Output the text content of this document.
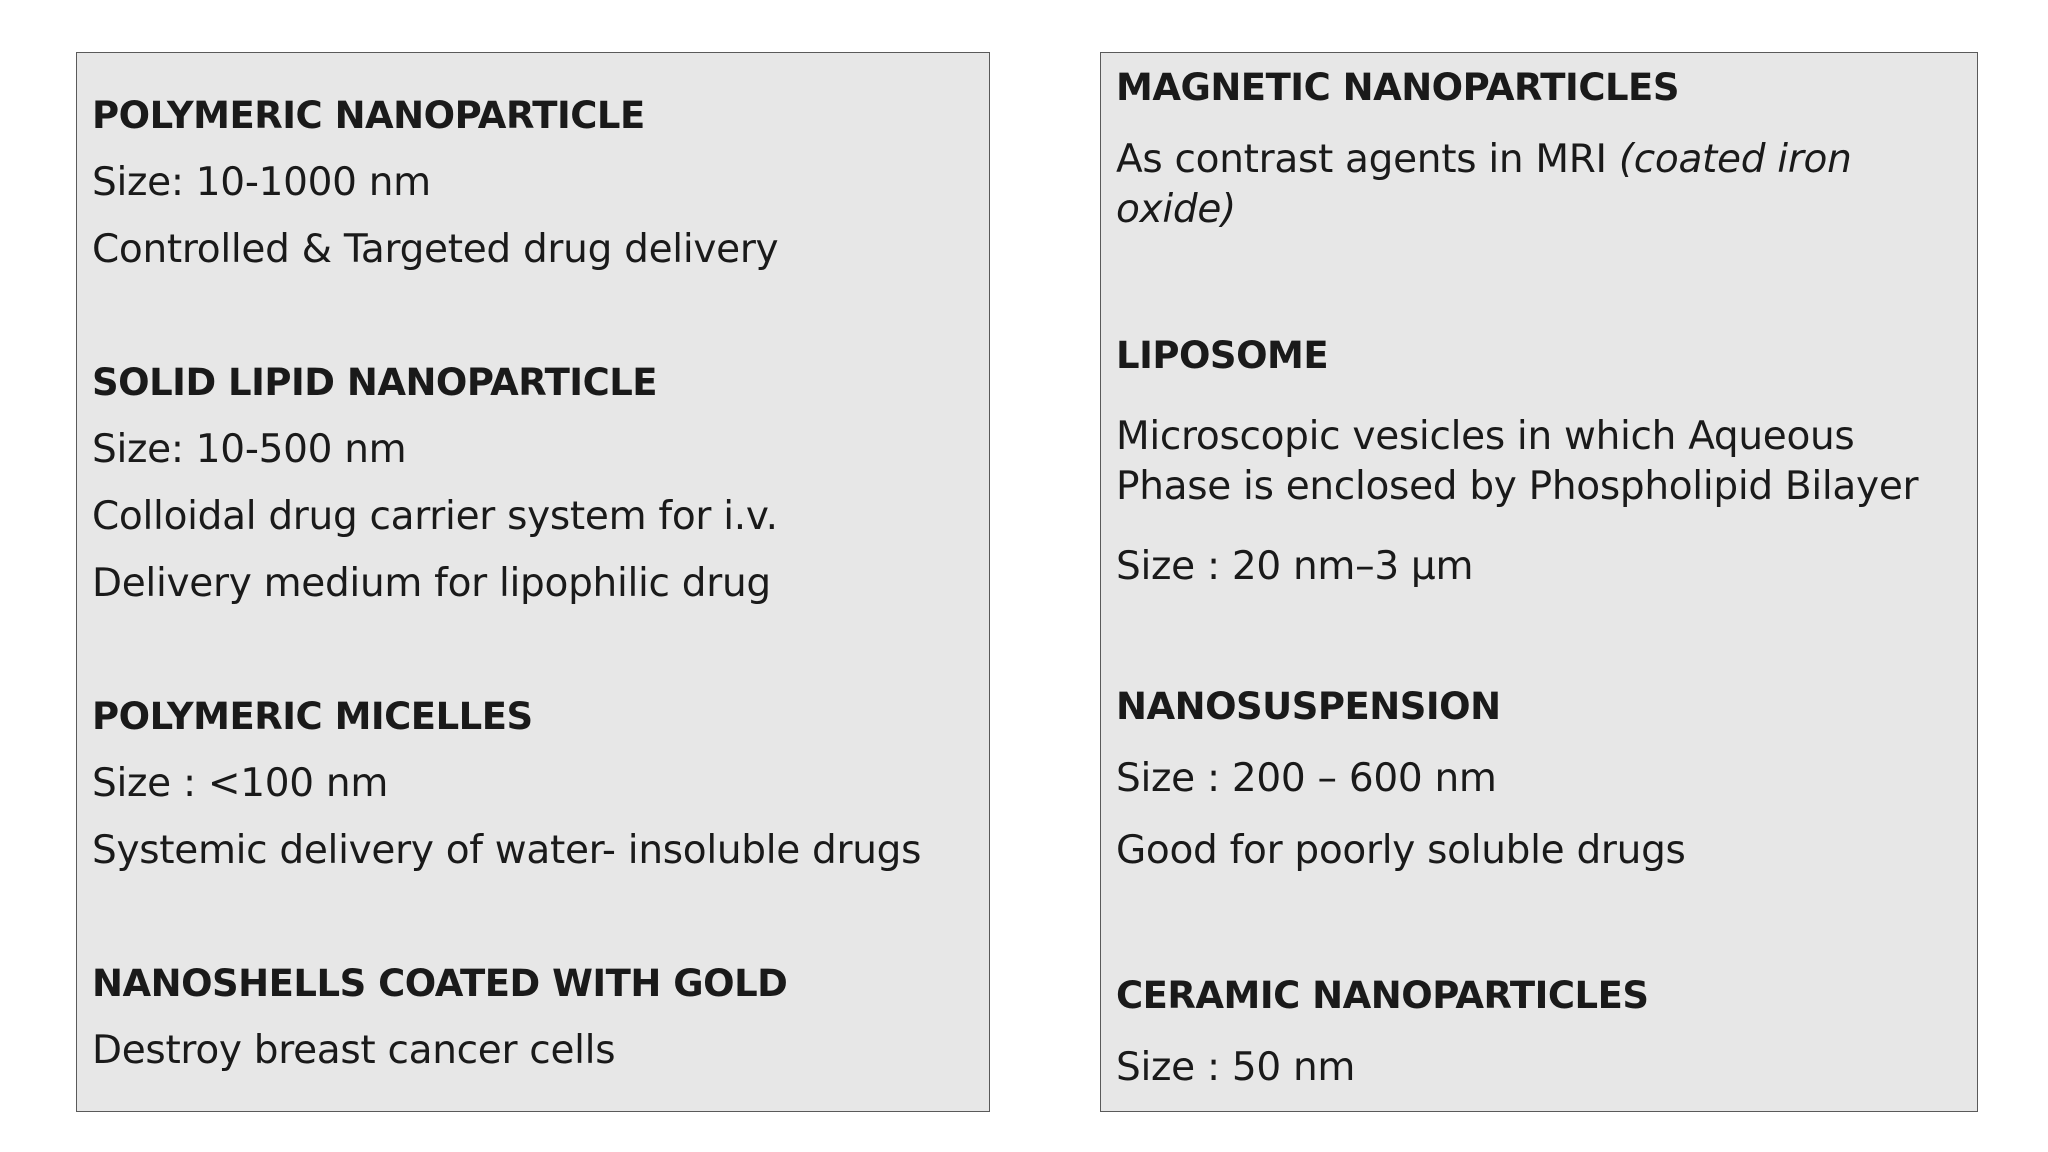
POLYMERIC NANOPARTICLE
Size: 10-1000 nm
Controlled & Targeted drug delivery
SOLID LIPID NANOPARTICLE
Size: 10-500 nm
Colloidal drug carrier system for i.v.
Delivery medium for lipophilic drug
POLYMERIC MICELLES
Size : <100 nm
Systemic delivery of water- insoluble drugs
NANOSHELLS COATED WITH GOLD
Destroy breast cancer cells
MAGNETIC NANOPARTICLES
As contrast agents in MRI (coated iron oxide)
LIPOSOME
Microscopic vesicles in which Aqueous Phase is enclosed by Phospholipid Bilayer
Size : 20 nm–3 µm
NANOSUSPENSION
Size : 200 – 600 nm
Good for poorly soluble drugs
CERAMIC NANOPARTICLES
Size : 50 nm
